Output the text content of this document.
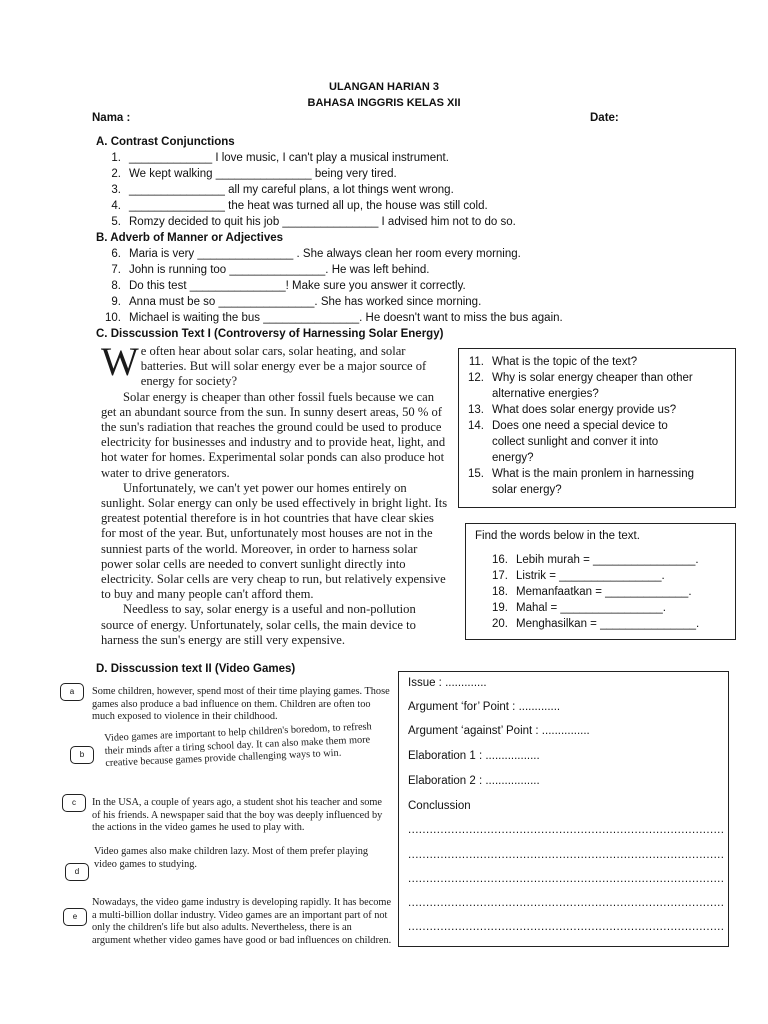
ULANGAN HARIAN 3
BAHASA INGGRIS KELAS XII
Nama :	Date:
A. Contrast Conjunctions
1. _____________ I love music, I can't play a musical instrument.
2. We kept walking _______________ being very tired.
3. _______________ all my careful plans, a lot things went wrong.
4. _______________ the heat was turned all up, the house was still cold.
5. Romzy decided to quit his job _______________ I advised him not to do so.
B. Adverb of Manner or Adjectives
6. Maria is very _______________ . She always clean her room every morning.
7. John is running too _______________. He was left behind.
8. Do this test _______________! Make sure you answer it correctly.
9. Anna must be so _______________. She has worked since morning.
10. Michael is waiting the bus _______________. He doesn't want to miss the bus again.
C. Disscussion Text I (Controversy of Harnessing Solar Energy)
We often hear about solar cars, solar heating, and solar batteries. But will solar energy ever be a major source of energy for society?
Solar energy is cheaper than other fossil fuels because we can get an abundant source from the sun. In sunny desert areas, 50 % of the sun's radiation that reaches the ground could be used to produce electricity for businesses and industry and to provide heat, light, and hot water for homes. Experimental solar ponds can also produce hot water to drive generators.
Unfortunately, we can't yet power our homes entirely on sunlight. Solar energy can only be used effectively in bright light. Its greatest potential therefore is in hot countries that have clear skies for most of the year. But, unfortunately most houses are not in the sunniest parts of the world. Moreover, in order to harness solar power solar cells are needed to convert sunlight directly into electricity. Solar cells are very cheap to run, but relatively expensive to buy and many people can't afford them.
Needless to say, solar energy is a useful and non-pollution source of energy. Unfortunately, solar cells, the main device to harness the sun's energy are still very expensive.
11. What is the topic of the text?
12. Why is solar energy cheaper than other alternative energies?
13. What does solar energy provide us?
14. Does one need a special device to collect sunlight and conver it into energy?
15. What is the main pronlem in harnessing solar energy?
Find the words below in the text.
16. Lebih murah = ________________.
17. Listrik = ________________.
18. Memanfaatkan = _____________.
19. Mahal = ________________.
20. Menghasilkan = _______________.
D. Disscussion text II (Video Games)
a	Some children, however, spend most of their time playing games. Those games also produce a bad influence on them. Children are often too much exposed to violence in their childhood.
b
Video games are important to help children's boredom, to refresh their minds after a tiring school day. It can also make them more creative because games provide challenging ways to win.
c	In the USA, a couple of years ago, a student shot his teacher and some of his friends. A newspaper said that the boy was deeply influenced by the actions in the video games he used to play with.
d
Video games also make children lazy. Most of them prefer playing video games to studying.
e
Nowadays, the video game industry is developing rapidly. It has become a multi-billion dollar industry. Video games are an important part of not only the children's life but also adults. Nevertheless, there is an argument whether video games have good or bad influences on children.
Issue : .............
Argument ‘for’ Point : .............
Argument ‘against’ Point : ...............
Elaboration 1 : .................
Elaboration 2 : .................
Conclussion
........................................................................................
........................................................................................
........................................................................................
........................................................................................
........................................................................................
